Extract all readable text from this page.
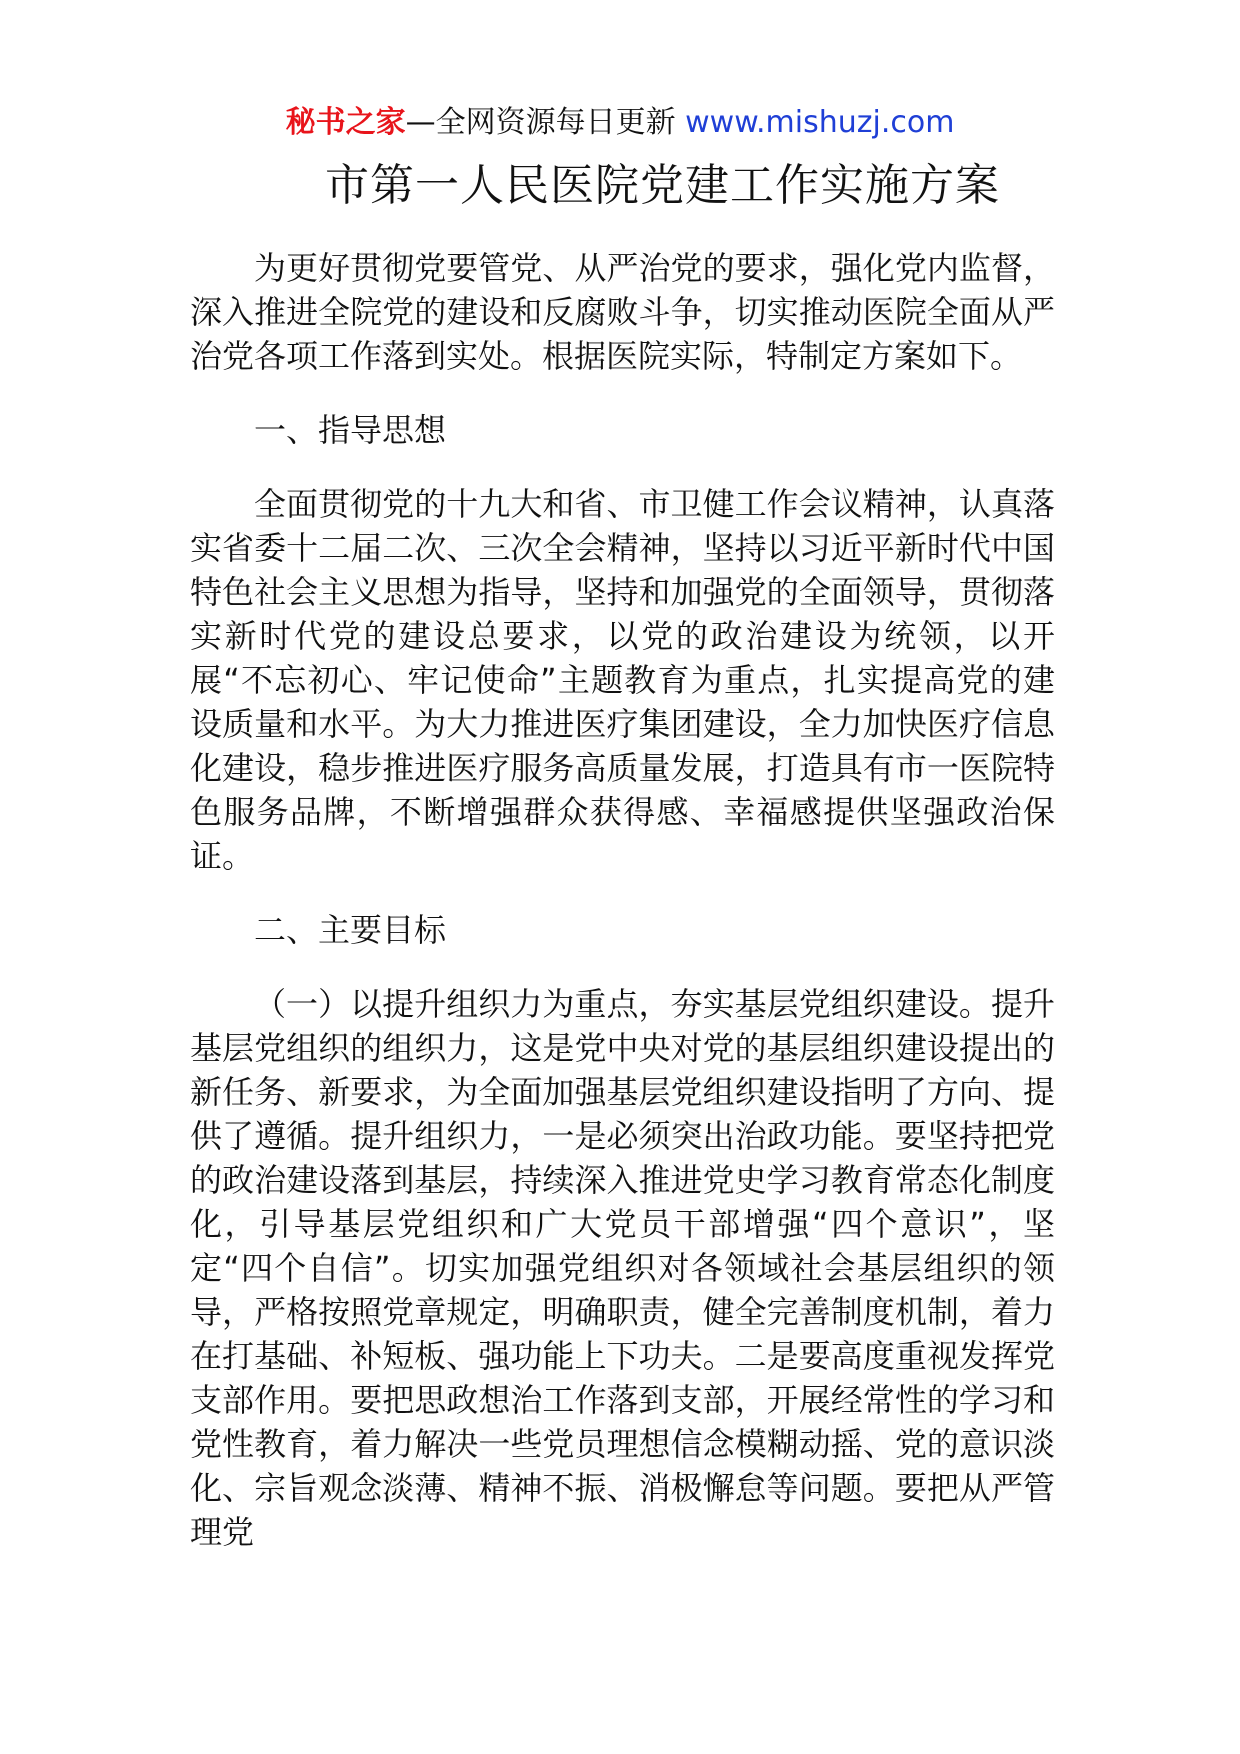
秘书之家—全网资源每日更新 www.mishuzj.com
市第一人民医院党建工作实施方案

为更好贯彻党要管党、从严治党的要求，强化党内监督，深入推进全院党的建设和反腐败斗争，切实推动医院全面从严治党各项工作落到实处。根据医院实际，特制定方案如下。

一、指导思想

全面贯彻党的十九大和省、市卫健工作会议精神，认真落实省委十二届二次、三次全会精神，坚持以习近平新时代中国特色社会主义思想为指导，坚持和加强党的全面领导，贯彻落实新时代党的建设总要求，以党的政治建设为统领，以开展“不忘初心、牢记使命”主题教育为重点，扎实提高党的建设质量和水平。为大力推进医疗集团建设，全力加快医疗信息化建设，稳步推进医疗服务高质量发展，打造具有市一医院特色服务品牌，不断增强群众获得感、幸福感提供坚强政治保证。

二、主要目标

（一）以提升组织力为重点，夯实基层党组织建设。提升基层党组织的组织力，这是党中央对党的基层组织建设提出的新任务、新要求，为全面加强基层党组织建设指明了方向、提供了遵循。提升组织力，一是必须突出治政功能。要坚持把党的政治建设落到基层，持续深入推进党史学习教育常态化制度化，引导基层党组织和广大党员干部增强“四个意识”，坚定“四个自信”。切实加强党组织对各领域社会基层组织的领导，严格按照党章规定，明确职责，健全完善制度机制，着力在打基础、补短板、强功能上下功夫。二是要高度重视发挥党支部作用。要把思政想治工作落到支部，开展经常性的学习和党性教育，着力解决一些党员理想信念模糊动摇、党的意识淡化、宗旨观念淡薄、精神不振、消极懈怠等问题。要把从严管理党
